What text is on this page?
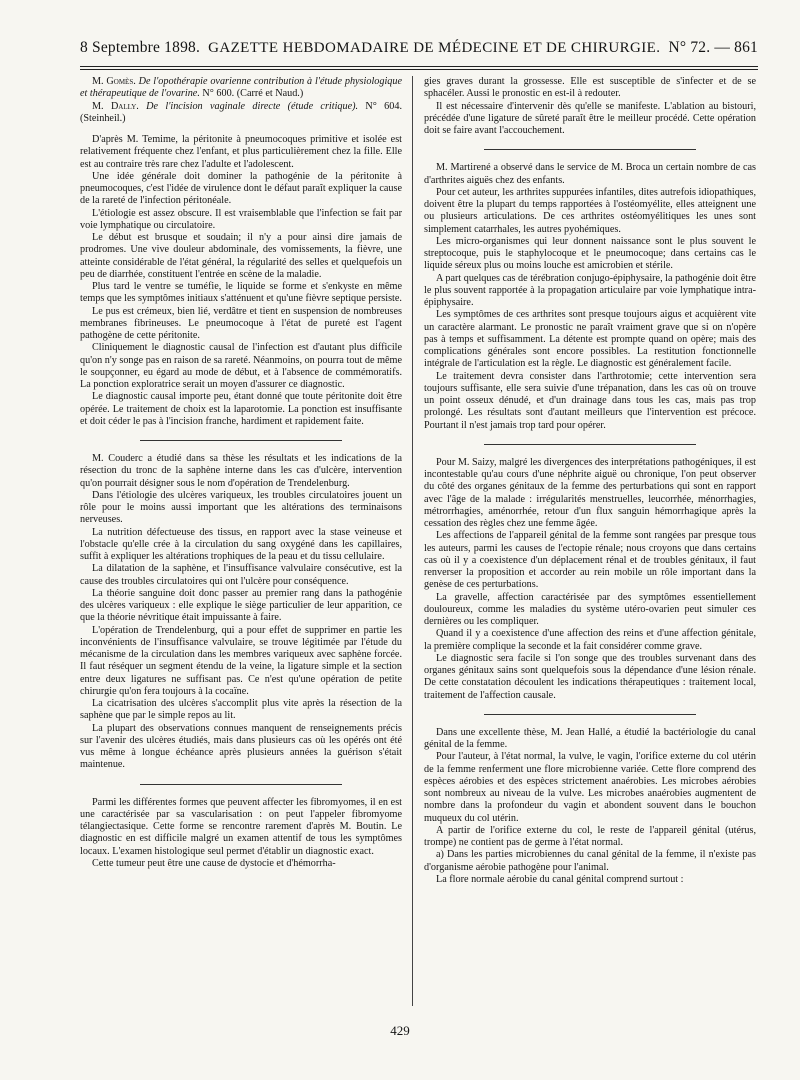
8 Septembre 1898. GAZETTE HEBDOMADAIRE DE MÉDECINE ET DE CHIRURGIE. N° 72. — 861

M. Gomès. De l'opothérapie ovarienne contribution à l'étude physiologique et thérapeutique de l'ovarine. N° 600. (Carré et Naud.)

M. Dally. De l'incision vaginale directe (étude critique). N° 604. (Steinheil.)

D'après M. Temime, la péritonite à pneumocoques primitive et isolée est relativement fréquente chez l'enfant, et plus particulièrement chez la fille. Elle est au contraire très rare chez l'adulte et l'adolescent.

Une idée générale doit dominer la pathogénie de la péritonite à pneumocoques, c'est l'idée de virulence dont le défaut paraît expliquer la cause de la rareté de l'infection péritonéale.

L'étiologie est assez obscure. Il est vraisemblable que l'infection se fait par voie lymphatique ou circulatoire.

Le début est brusque et soudain; il n'y a pour ainsi dire jamais de prodromes. Une vive douleur abdominale, des vomissements, la fièvre, une atteinte considérable de l'état général, la régularité des selles et quelquefois un peu de diarrhée, constituent l'entrée en scène de la maladie.

Plus tard le ventre se tuméfie, le liquide se forme et s'enkyste en même temps que les symptômes initiaux s'atténuent et qu'une fièvre septique persiste.

Le pus est crémeux, bien lié, verdâtre et tient en suspension de nombreuses membranes fibrineuses. Le pneumocoque à l'état de pureté est l'agent pathogène de cette péritonite.

Cliniquement le diagnostic causal de l'infection est d'autant plus difficile qu'on n'y songe pas en raison de sa rareté. Néanmoins, on pourra tout de même le soupçonner, eu égard au mode de début, et à l'absence de commémoratifs. La ponction exploratrice serait un moyen d'assurer ce diagnostic.

Le diagnostic causal importe peu, étant donné que toute péritonite doit être opérée. Le traitement de choix est la laparotomie. La ponction est insuffisante et doit céder le pas à l'incision franche, hardiment et rapidement faite.

M. Couderc a étudié dans sa thèse les résultats et les indications de la résection du tronc de la saphène interne dans les cas d'ulcère, intervention qu'on pourrait désigner sous le nom d'opération de Trendelenburg.

Dans l'étiologie des ulcères variqueux, les troubles circulatoires jouent un rôle pour le moins aussi important que les altérations des terminaisons nerveuses.

La nutrition défectueuse des tissus, en rapport avec la stase veineuse et l'obstacle qu'elle crée à la circulation du sang oxygéné dans les capillaires, suffit à expliquer les altérations trophiques de la peau et du tissu cellulaire.

La dilatation de la saphène, et l'insuffisance valvulaire consécutive, est la cause des troubles circulatoires qui ont l'ulcère pour conséquence.

La théorie sanguine doit donc passer au premier rang dans la pathogénie des ulcères variqueux : elle explique le siège particulier de leur apparition, ce que la théorie névritique était impuissante à faire.

L'opération de Trendelenburg, qui a pour effet de supprimer en partie les inconvénients de l'insuffisance valvulaire, se trouve légitimée par l'étude du mécanisme de la circulation dans les membres variqueux avec saphène forcée. Il faut réséquer un segment étendu de la veine, la ligature simple et la section entre deux ligatures ne suffisant pas. Ce n'est qu'une opération de petite chirurgie qu'on fera toujours à la cocaïne.

La cicatrisation des ulcères s'accomplit plus vite après la résection de la saphène que par le simple repos au lit.

La plupart des observations connues manquent de renseignements précis sur l'avenir des ulcères étudiés, mais dans plusieurs cas où les opérés ont été vus même à longue échéance après plusieurs années la guérison s'était maintenue.

Parmi les différentes formes que peuvent affecter les fibromyomes, il en est une caractérisée par sa vascularisation : on peut l'appeler fibromyome télangiectasique. Cette forme se rencontre rarement d'après M. Boutin. Le diagnostic en est difficile malgré un examen attentif de tous les symptômes locaux. L'examen histologique seul permet d'établir un diagnostic exact.

Cette tumeur peut être une cause de dystocie et d'hémorrha-

gies graves durant la grossesse. Elle est susceptible de s'infecter et de se sphacéler. Aussi le pronostic en est-il à redouter.

Il est nécessaire d'intervenir dès qu'elle se manifeste. L'ablation au bistouri, précédée d'une ligature de sûreté paraît être le meilleur procédé. Cette opération doit se faire avant l'accouchement.

M. Martirené a observé dans le service de M. Broca un certain nombre de cas d'arthrites aiguës chez des enfants.

Pour cet auteur, les arthrites suppurées infantiles, dites autrefois idiopathiques, doivent être la plupart du temps rapportées à l'ostéomyélite, elles atteignent une ou plusieurs articulations. De ces arthrites ostéomyélitiques les unes sont simplement catarrhales, les autres pyohémiques.

Les micro-organismes qui leur donnent naissance sont le plus souvent le streptocoque, puis le staphylocoque et le pneumocoque; dans certains cas le liquide séreux plus ou moins louche est amicrobien et stérile.

A part quelques cas de térébration conjugo-épiphysaire, la pathogénie doit être le plus souvent rapportée à la propagation articulaire par voie lymphatique intra-épiphysaire.

Les symptômes de ces arthrites sont presque toujours aigus et acquièrent vite un caractère alarmant. Le pronostic ne paraît vraiment grave que si on n'opère pas à temps et suffisamment. La détente est prompte quand on opère; mais des complications générales sont encore possibles. La restitution fonctionnelle intégrale de l'articulation est la règle. Le diagnostic est généralement facile.

Le traitement devra consister dans l'arthrotomie; cette intervention sera toujours suffisante, elle sera suivie d'une trépanation, dans les cas où on trouve un point osseux dénudé, et d'un drainage dans tous les cas, mais pas trop prolongé. Les résultats sont d'autant meilleurs que l'intervention est précoce. Pourtant il n'est jamais trop tard pour opérer.

Pour M. Saizy, malgré les divergences des interprétations pathogéniques, il est incontestable qu'au cours d'une néphrite aiguë ou chronique, l'on peut observer du côté des organes génitaux de la femme des perturbations qui sont en rapport avec l'âge de la malade : irrégularités menstruelles, leucorrhée, ménorrhagies, métrorrhagies, aménorrhée, retour d'un flux sanguin hémorrhagique après la cessation des règles chez une femme âgée.

Les affections de l'appareil génital de la femme sont rangées par presque tous les auteurs, parmi les causes de l'ectopie rénale; nous croyons que dans certains cas où il y a coexistence d'un déplacement rénal et de troubles génitaux, il faut renverser la proposition et accorder au rein mobile un rôle important dans la genèse de ces perturbations.

La gravelle, affection caractérisée par des symptômes essentiellement douloureux, comme les maladies du système utéro-ovarien peut simuler ces dernières ou les compliquer.

Quand il y a coexistence d'une affection des reins et d'une affection génitale, la première complique la seconde et la fait considérer comme grave.

Le diagnostic sera facile si l'on songe que des troubles survenant dans des organes génitaux sains sont quelquefois sous la dépendance d'une lésion rénale. De cette constatation découlent les indications thérapeutiques : traitement local, traitement de l'affection causale.

Dans une excellente thèse, M. Jean Hallé, a étudié la bactériologie du canal génital de la femme.

Pour l'auteur, à l'état normal, la vulve, le vagin, l'orifice externe du col utérin de la femme renferment une flore microbienne variée. Cette flore comprend des espèces aérobies et des espèces strictement anaérobies. Les microbes aérobies sont nombreux au niveau de la vulve. Les microbes anaérobies augmentent de nombre dans la profondeur du vagin et abondent souvent dans le bouchon muqueux du col utérin.

A partir de l'orifice externe du col, le reste de l'appareil génital (utérus, trompe) ne contient pas de germe à l'état normal.

a) Dans les parties microbiennes du canal génital de la femme, il n'existe pas d'organisme aérobie pathogène pour l'animal.

La flore normale aérobie du canal génital comprend surtout :

429
